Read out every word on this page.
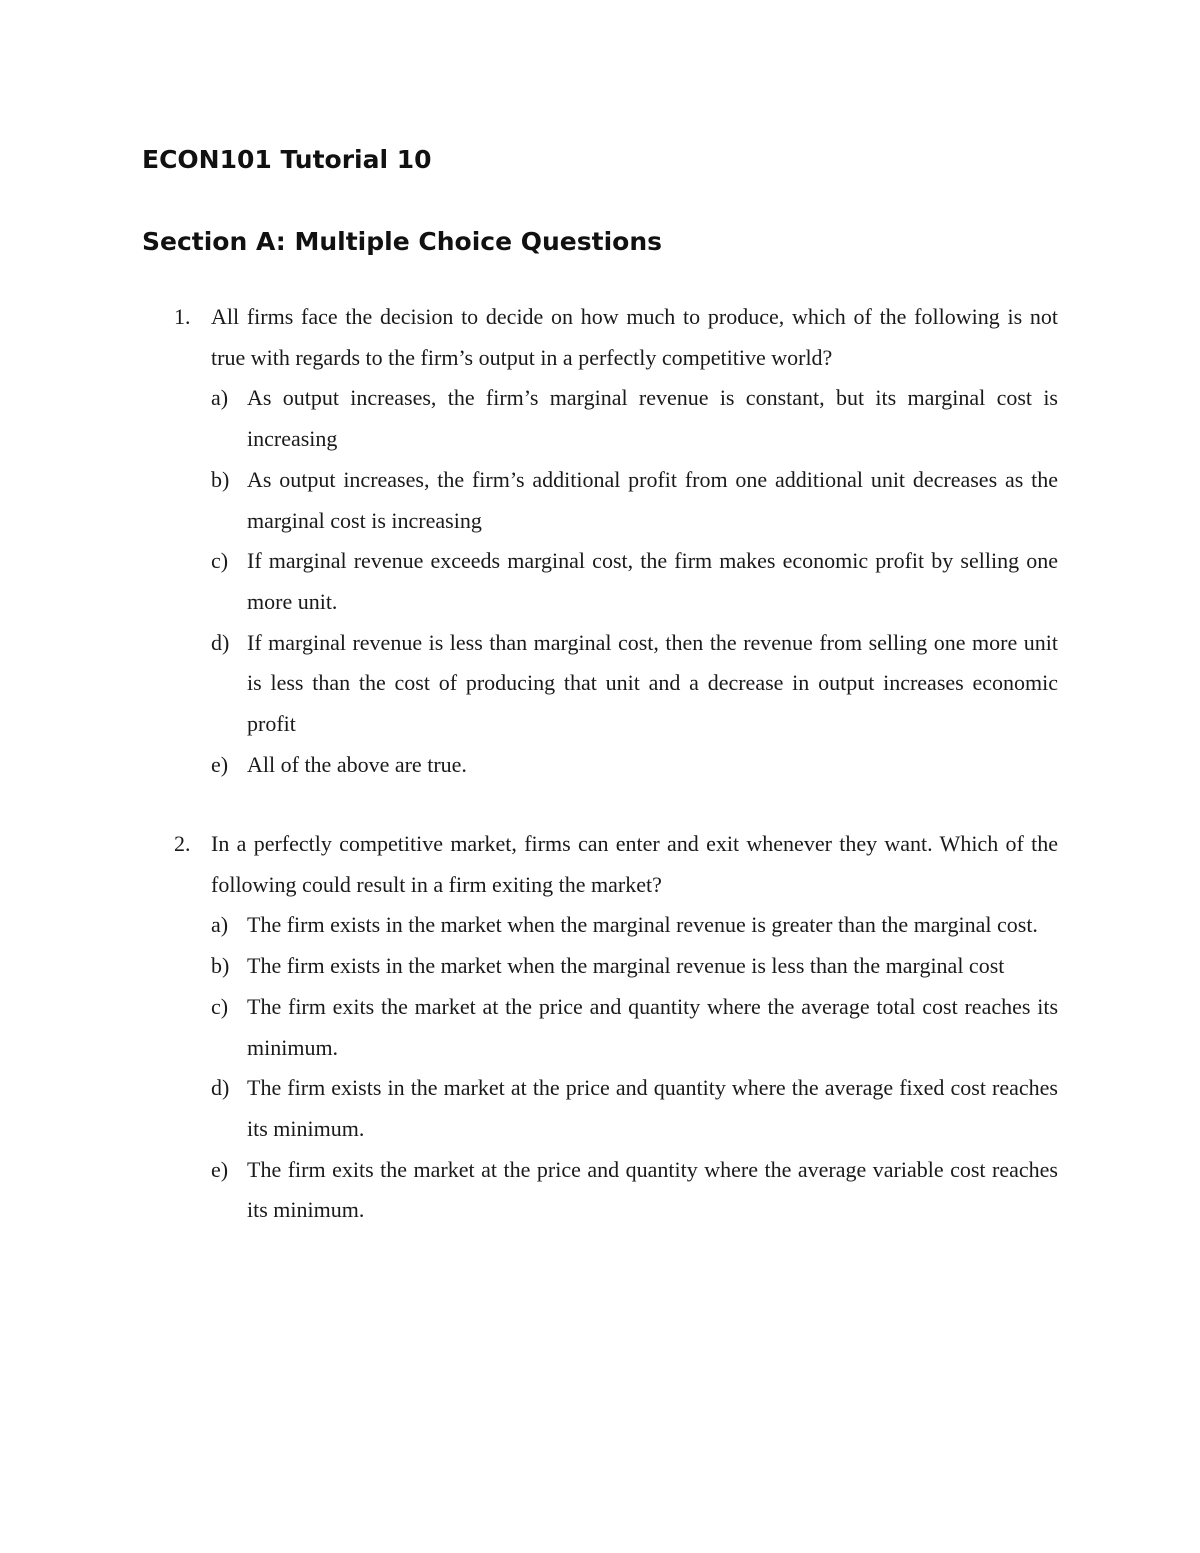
ECON101 Tutorial 10
Section A: Multiple Choice Questions
1. All firms face the decision to decide on how much to produce, which of the following is not true with regards to the firm’s output in a perfectly competitive world?
a) As output increases, the firm’s marginal revenue is constant, but its marginal cost is increasing
b) As output increases, the firm’s additional profit from one additional unit decreases as the marginal cost is increasing
c) If marginal revenue exceeds marginal cost, the firm makes economic profit by selling one more unit.
d) If marginal revenue is less than marginal cost, then the revenue from selling one more unit is less than the cost of producing that unit and a decrease in output increases economic profit
e) All of the above are true.
2. In a perfectly competitive market, firms can enter and exit whenever they want. Which of the following could result in a firm exiting the market?
a) The firm exists in the market when the marginal revenue is greater than the marginal cost.
b) The firm exists in the market when the marginal revenue is less than the marginal cost
c) The firm exits the market at the price and quantity where the average total cost reaches its minimum.
d) The firm exists in the market at the price and quantity where the average fixed cost reaches its minimum.
e) The firm exits the market at the price and quantity where the average variable cost reaches its minimum.
